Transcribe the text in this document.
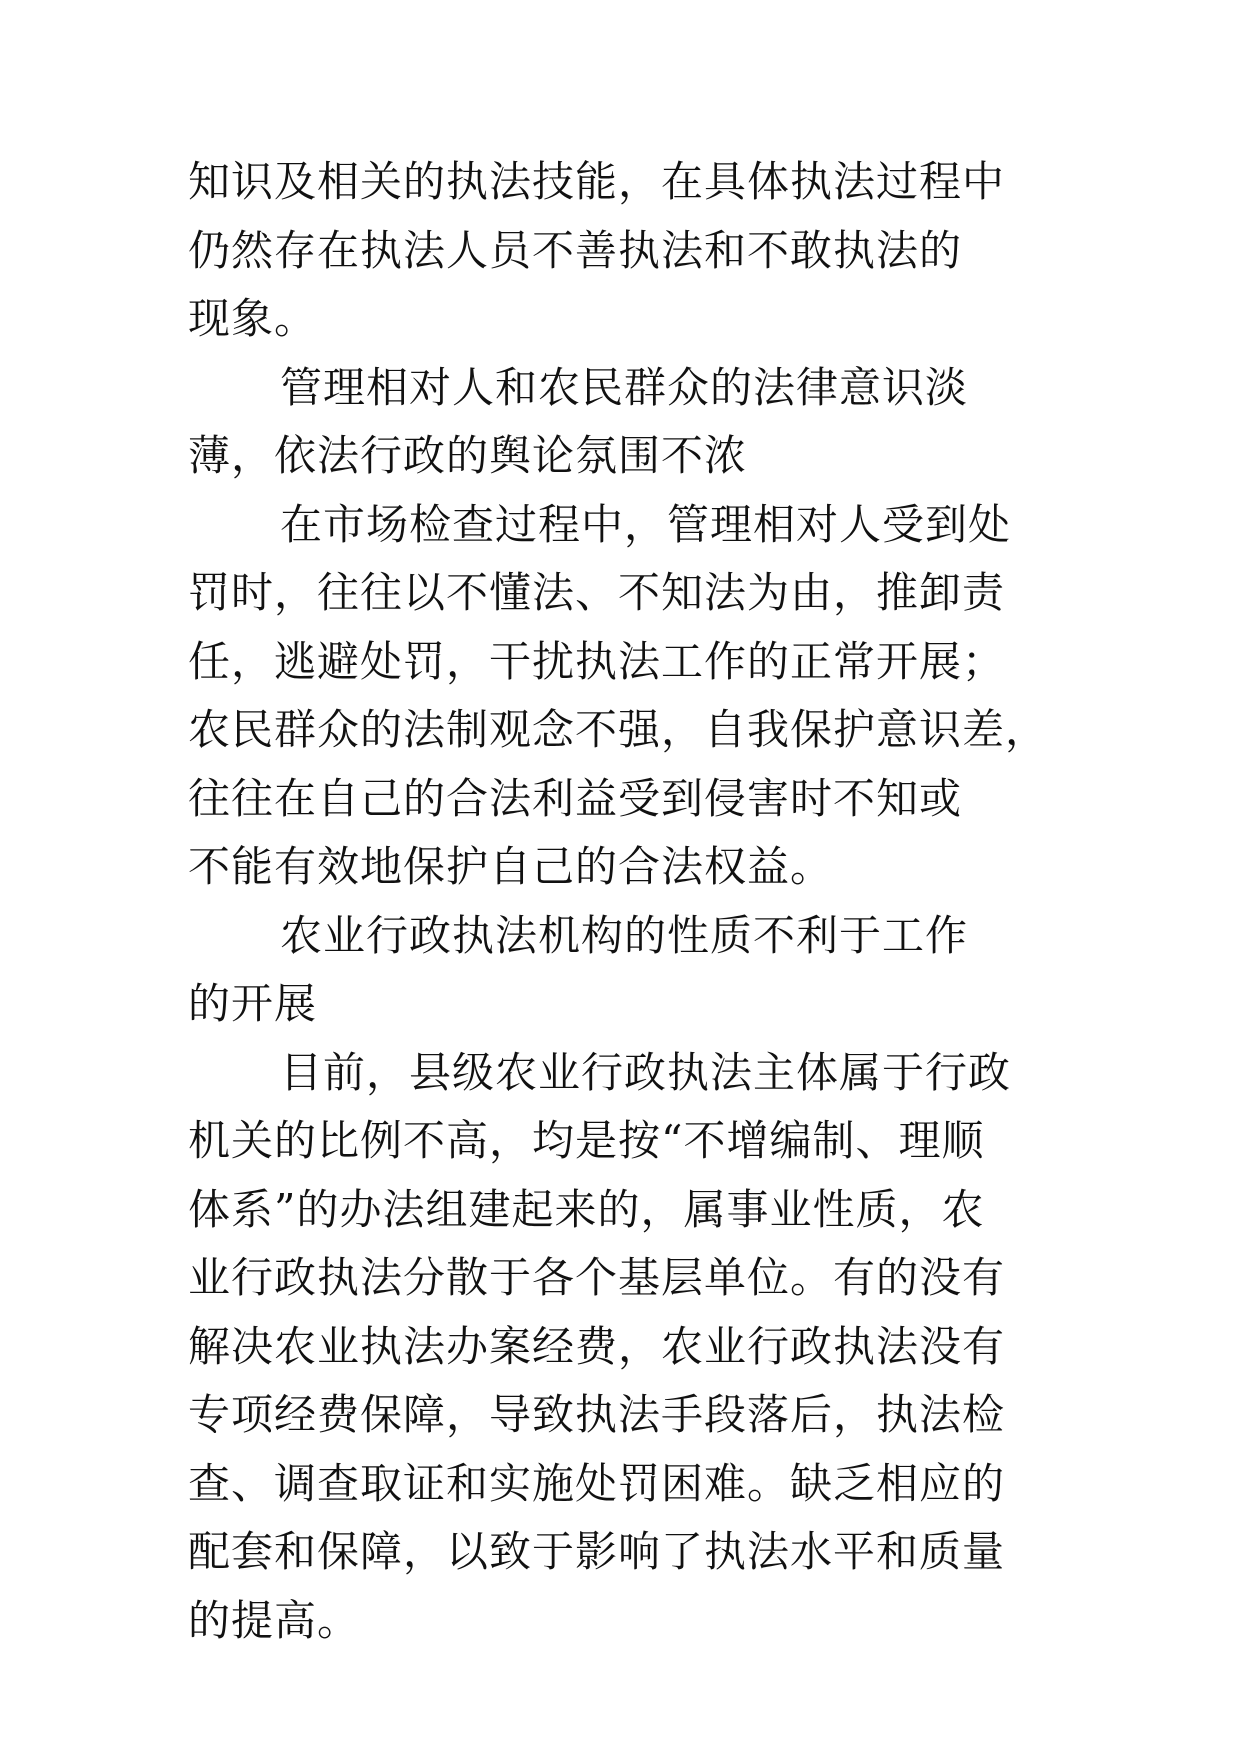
知识及相关的执法技能，在具体执法过程中
仍然存在执法人员不善执法和不敢执法的
现象。
管理相对人和农民群众的法律意识淡
薄，依法行政的舆论氛围不浓
在市场检查过程中，管理相对人受到处
罚时，往往以不懂法、不知法为由，推卸责
任，逃避处罚，干扰执法工作的正常开展；
农民群众的法制观念不强，自我保护意识差，
往往在自己的合法利益受到侵害时不知或
不能有效地保护自己的合法权益。
农业行政执法机构的性质不利于工作
的开展
目前，县级农业行政执法主体属于行政
机关的比例不高，均是按“不增编制、理顺
体系”的办法组建起来的，属事业性质，农
业行政执法分散于各个基层单位。有的没有
解决农业执法办案经费，农业行政执法没有
专项经费保障，导致执法手段落后，执法检
查、调查取证和实施处罚困难。缺乏相应的
配套和保障，以致于影响了执法水平和质量
的提高。
